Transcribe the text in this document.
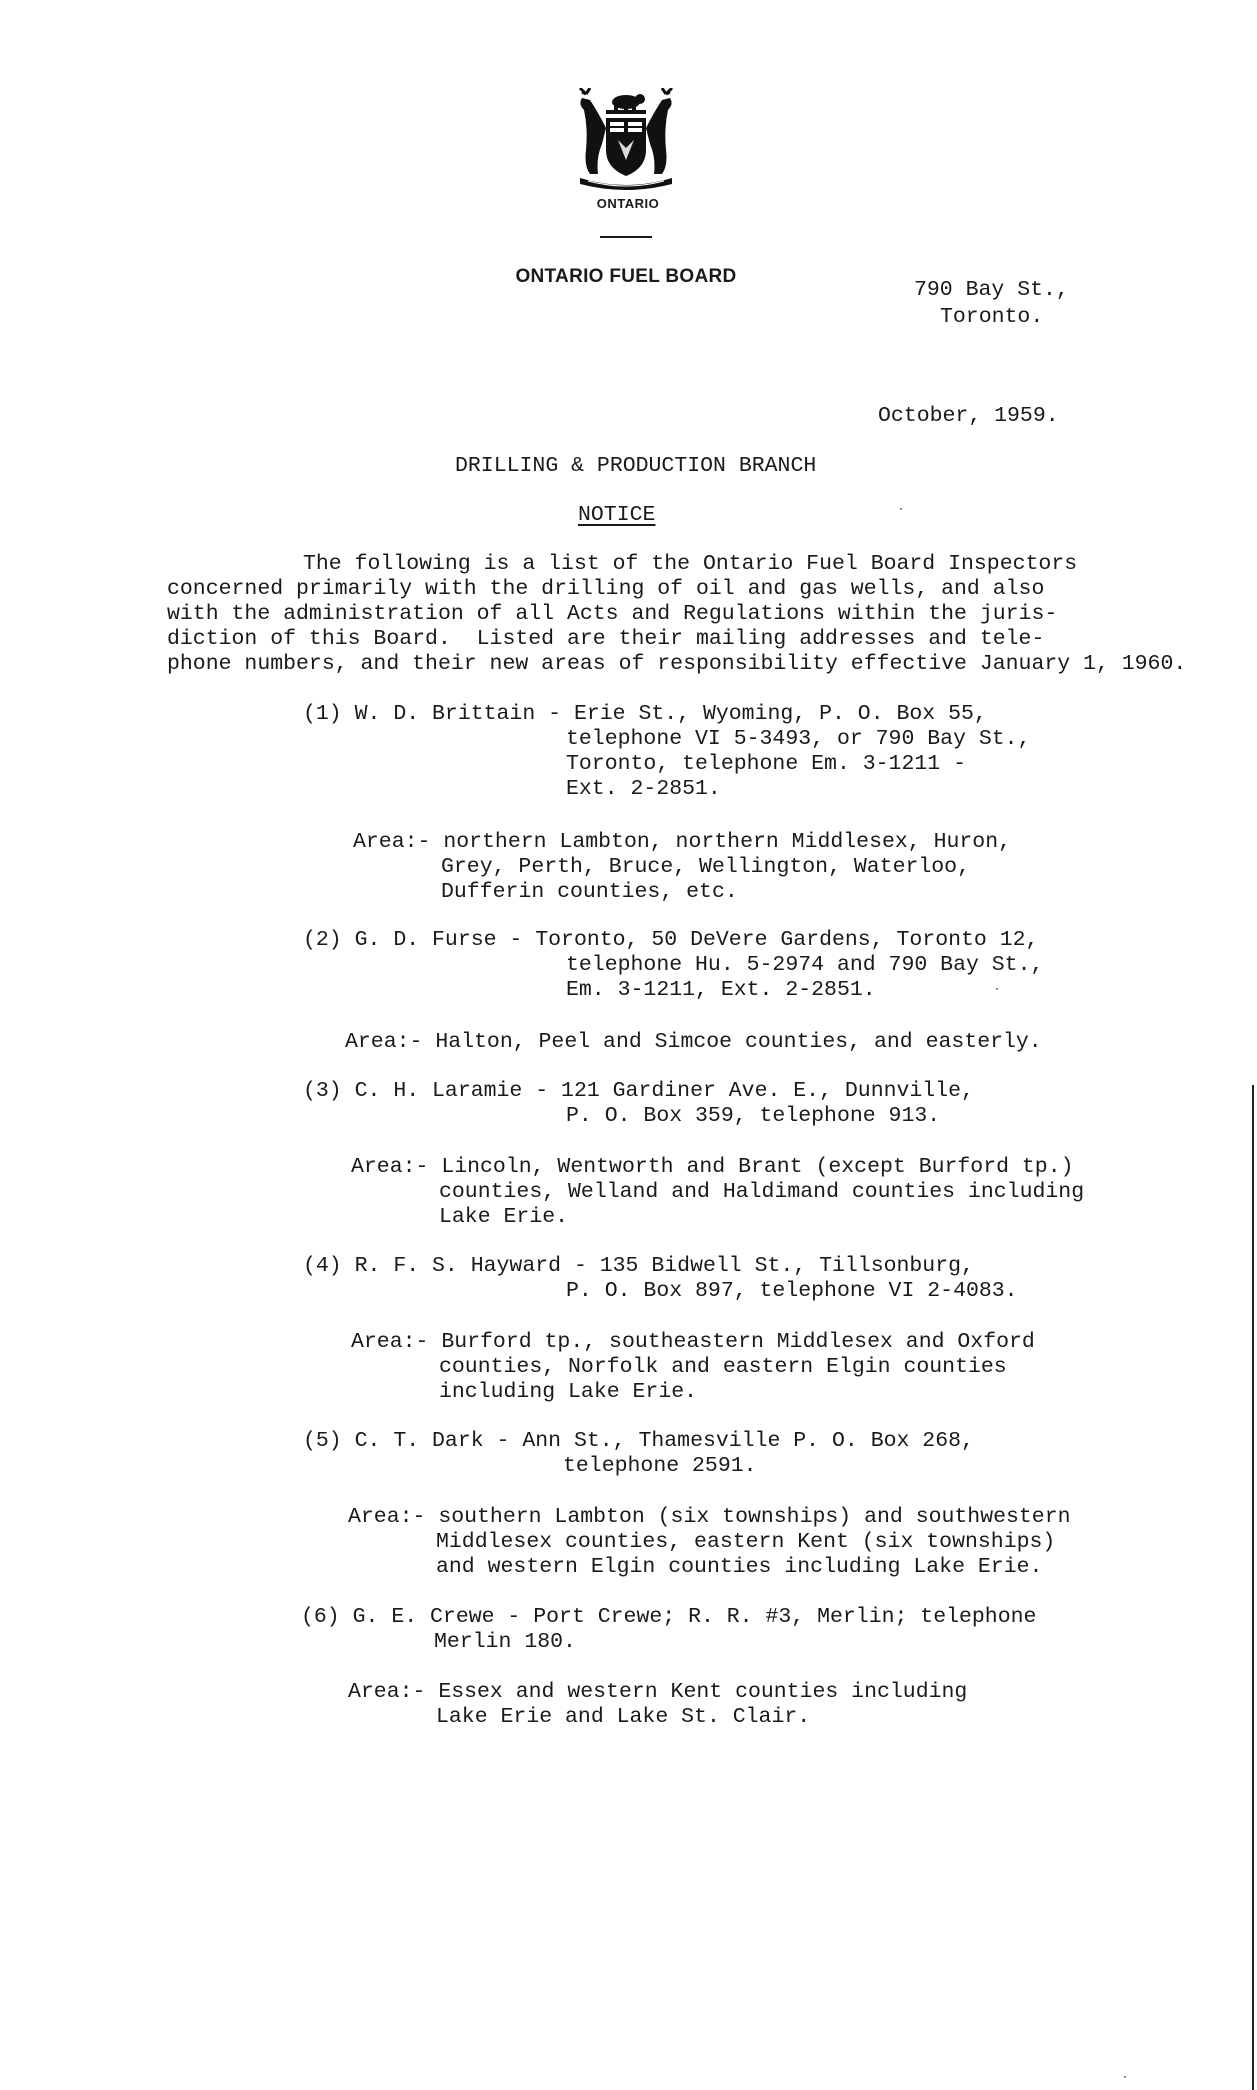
ONTARIO
ONTARIO FUEL BOARD
790 Bay St.,
Toronto.
October, 1959.
DRILLING & PRODUCTION BRANCH
NOTICE
The following is a list of the Ontario Fuel Board Inspectors
concerned primarily with the drilling of oil and gas wells, and also
with the administration of all Acts and Regulations within the juris-
diction of this Board.  Listed are their mailing addresses and tele-
phone numbers, and their new areas of responsibility effective January 1, 1960.
(1) W. D. Brittain - Erie St., Wyoming, P. O. Box 55,
telephone VI 5-3493, or 790 Bay St.,
Toronto, telephone Em. 3-1211 -
Ext. 2-2851.
Area:- northern Lambton, northern Middlesex, Huron,
Grey, Perth, Bruce, Wellington, Waterloo,
Dufferin counties, etc.
(2) G. D. Furse - Toronto, 50 DeVere Gardens, Toronto 12,
telephone Hu. 5-2974 and 790 Bay St.,
Em. 3-1211, Ext. 2-2851.
Area:- Halton, Peel and Simcoe counties, and easterly.
(3) C. H. Laramie - 121 Gardiner Ave. E., Dunnville,
P. O. Box 359, telephone 913.
Area:- Lincoln, Wentworth and Brant (except Burford tp.)
counties, Welland and Haldimand counties including
Lake Erie.
(4) R. F. S. Hayward - 135 Bidwell St., Tillsonburg,
P. O. Box 897, telephone VI 2-4083.
Area:- Burford tp., southeastern Middlesex and Oxford
counties, Norfolk and eastern Elgin counties
including Lake Erie.
(5) C. T. Dark - Ann St., Thamesville P. O. Box 268,
telephone 2591.
Area:- southern Lambton (six townships) and southwestern
Middlesex counties, eastern Kent (six townships)
and western Elgin counties including Lake Erie.
(6) G. E. Crewe - Port Crewe; R. R. #3, Merlin; telephone
Merlin 180.
Area:- Essex and western Kent counties including
Lake Erie and Lake St. Clair.
